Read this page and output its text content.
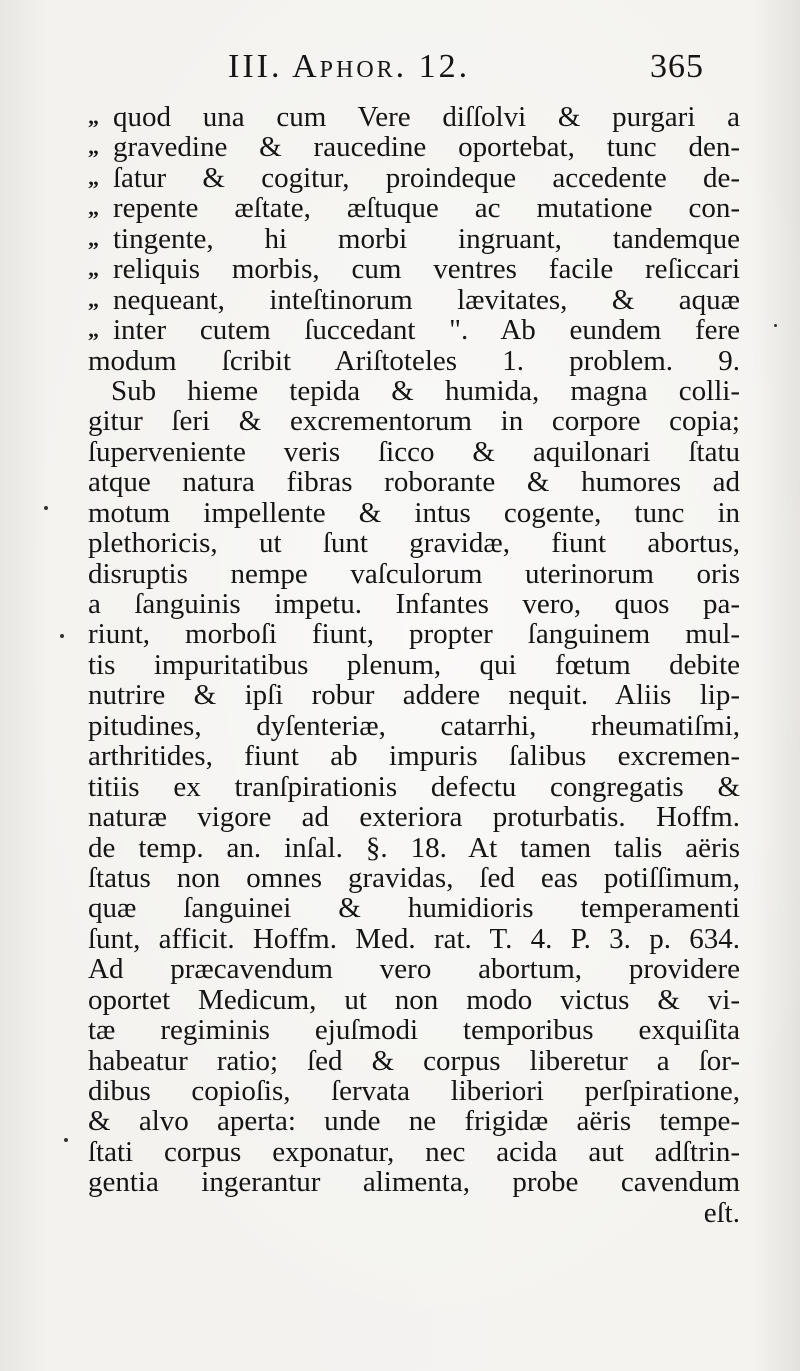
III. Aphor. 12.	365
„ quod una cum Vere diſſolvi & purgari a
„ gravedine & raucedine oportebat, tunc den-
„ ſatur & cogitur, proindeque accedente de-
„ repente æſtate, æſtuque ac mutatione con-
„ tingente, hi morbi ingruant, tandemque
„ reliquis morbis, cum ventres facile reſiccari
„ nequeant, inteſtinorum lævitates, & aquæ
„ inter cutem ſuccedant ". Ab eundem fere
modum ſcribit Ariſtoteles 1. problem. 9.
Sub hieme tepida & humida, magna colli-
gitur ſeri & excrementorum in corpore copia;
ſuperveniente veris ſicco & aquilonari ſtatu
atque natura fibras roborante & humores ad
motum impellente & intus cogente, tunc in
plethoricis, ut ſunt gravidæ, fiunt abortus,
disruptis nempe vaſculorum uterinorum oris
a ſanguinis impetu. Infantes vero, quos pa-
riunt, morboſi fiunt, propter ſanguinem mul-
tis impuritatibus plenum, qui fœtum debite
nutrire & ipſi robur addere nequit. Aliis lip-
pitudines, dyſenteriæ, catarrhi, rheumatiſmi,
arthritides, fiunt ab impuris ſalibus excremen-
titiis ex tranſpirationis defectu congregatis &
naturæ vigore ad exteriora proturbatis. Hoffm.
de temp. an. inſal. §. 18. At tamen talis aëris
ſtatus non omnes gravidas, ſed eas potiſſimum,
quæ ſanguinei & humidioris temperamenti
ſunt, afficit. Hoffm. Med. rat. T. 4. P. 3. p. 634.
Ad præcavendum vero abortum, providere
oportet Medicum, ut non modo victus & vi-
tæ regiminis ejuſmodi temporibus exquiſita
habeatur ratio; ſed & corpus liberetur a ſor-
dibus copioſis, ſervata liberiori perſpiratione,
& alvo aperta: unde ne frigidæ aëris tempe-
ſtati corpus exponatur, nec acida aut adſtrin-
gentia ingerantur alimenta, probe cavendum
eſt.
